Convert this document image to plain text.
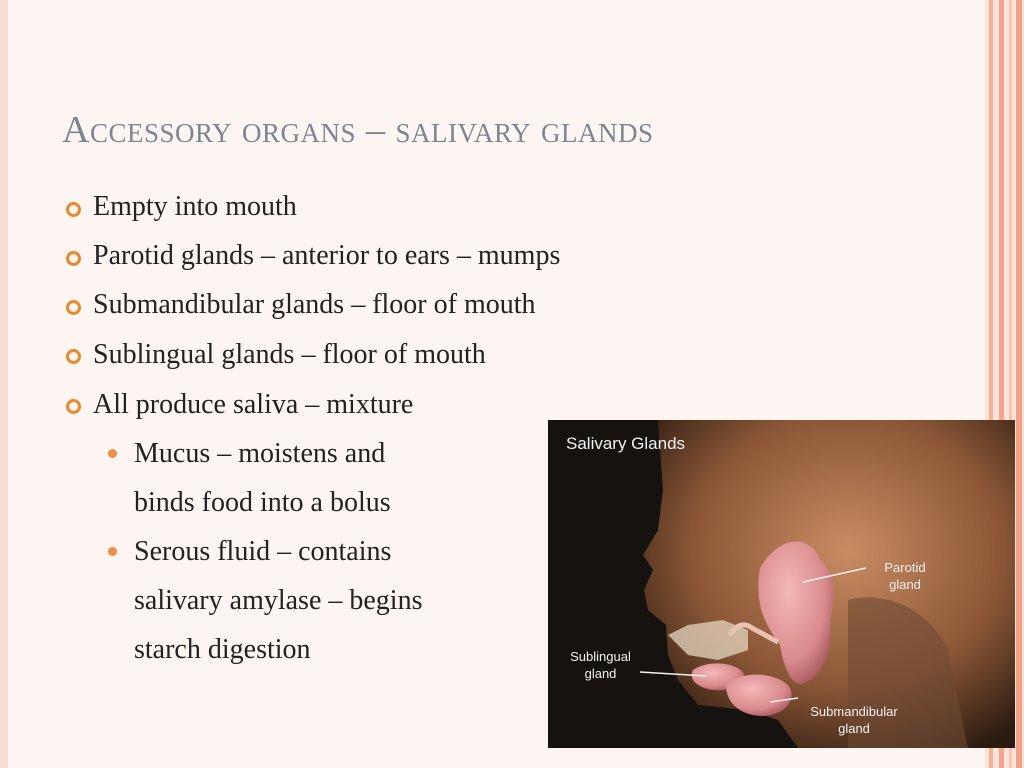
Accessory organs – salivary glands
Empty into mouth
Parotid glands – anterior to ears – mumps
Submandibular glands – floor of mouth
Sublingual glands – floor of mouth
All produce saliva – mixture
Mucus – moistens and
binds food into a bolus
Serous fluid – contains
salivary amylase – begins
starch digestion
Salivary Glands
Parotid
gland
Sublingual
gland
Submandibular
gland
